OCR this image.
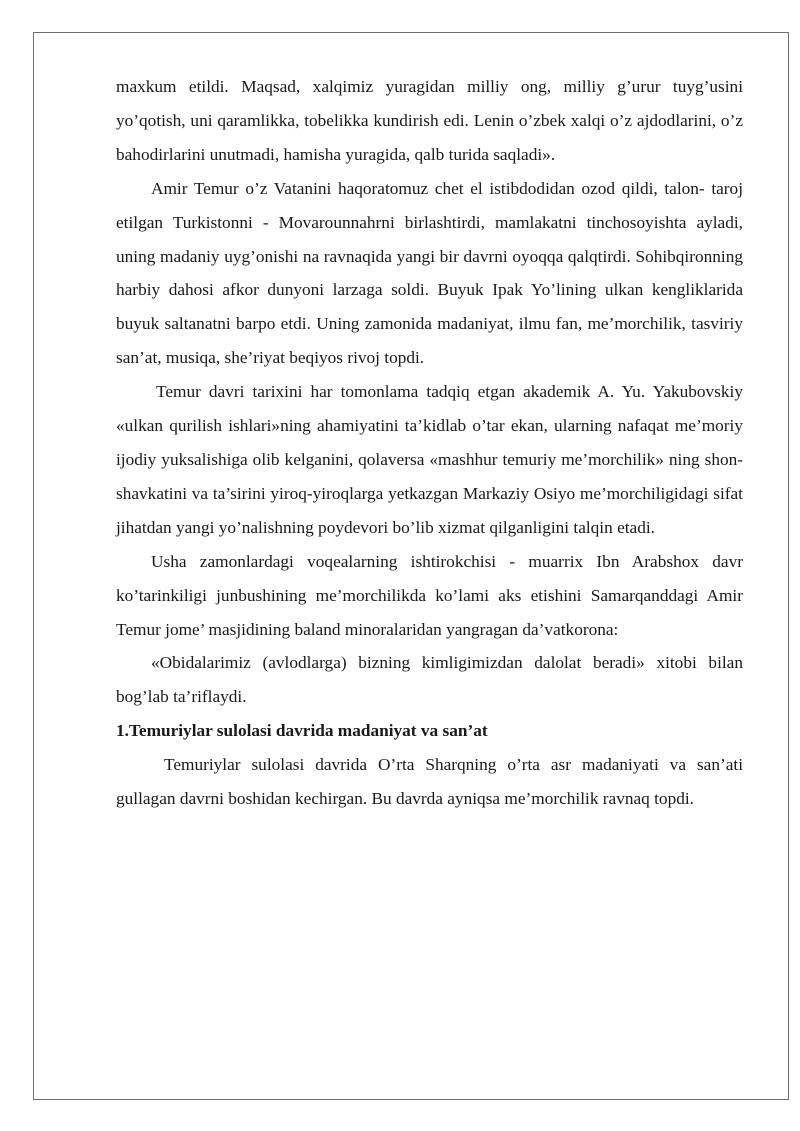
maxkum etildi. Maqsad, xalqimiz yuragidan milliy ong, milliy g’urur tuyg’usini yo’qotish, uni qaramlikka, tobelikka kundirish edi. Lenin o’zbek xalqi o’z ajdodlarini, o’z bahodirlarini unutmadi, hamisha yuragida, qalb turida saqladi».

Amir Temur o’z Vatanini haqoratomuz chet el istibdodidan ozod qildi, talon- taroj etilgan Turkistonni - Movarounnahrni birlashtirdi, mamlakatni tinchosoyishta ayladi, uning madaniy uyg’onishi na ravnaqida yangi bir davrni oyoqqa qalqtirdi. Sohibqironning harbiy dahosi afkor dunyoni larzaga soldi. Buyuk Ipak Yo’lining ulkan kengliklarida buyuk saltanatni barpo etdi. Uning zamonida madaniyat, ilmu fan, me’morchilik, tasviriy san’at, musiqa, she’riyat beqiyos rivoj topdi.

Temur davri tarixini har tomonlama tadqiq etgan akademik A. Yu. Yakubovskiy «ulkan qurilish ishlari»ning ahamiyatini ta’kidlab o’tar ekan, ularning nafaqat me’moriy ijodiy yuksalishiga olib kelganini, qolaversa «mashhur temuriy me’morchilik» ning shon-shavkatini va ta’sirini yiroq-yiroqlarga yetkazgan Markaziy Osiyo me’morchiligidagi sifat jihatdan yangi yo’nalishning poydevori bo’lib xizmat qilganligini talqin etadi.

Usha zamonlardagi voqealarning ishtirokchisi - muarrix Ibn Arabshox davr ko’tarinkiligi junbushining me’morchilikda ko’lami aks etishini Samarqanddagi Amir Temur jome’ masjidining baland minoralaridan yangragan da’vatkorona:

«Obidalarimiz (avlodlarga) bizning kimligimizdan dalolat beradi» xitobi bilan bog’lab ta’riflaydi.

1.Temuriylar sulolasi davrida madaniyat va san’at

Temuriylar sulolasi davrida O’rta Sharqning o’rta asr madaniyati va san’ati gullagan davrni boshidan kechirgan. Bu davrda ayniqsa me’morchilik ravnaq topdi.
